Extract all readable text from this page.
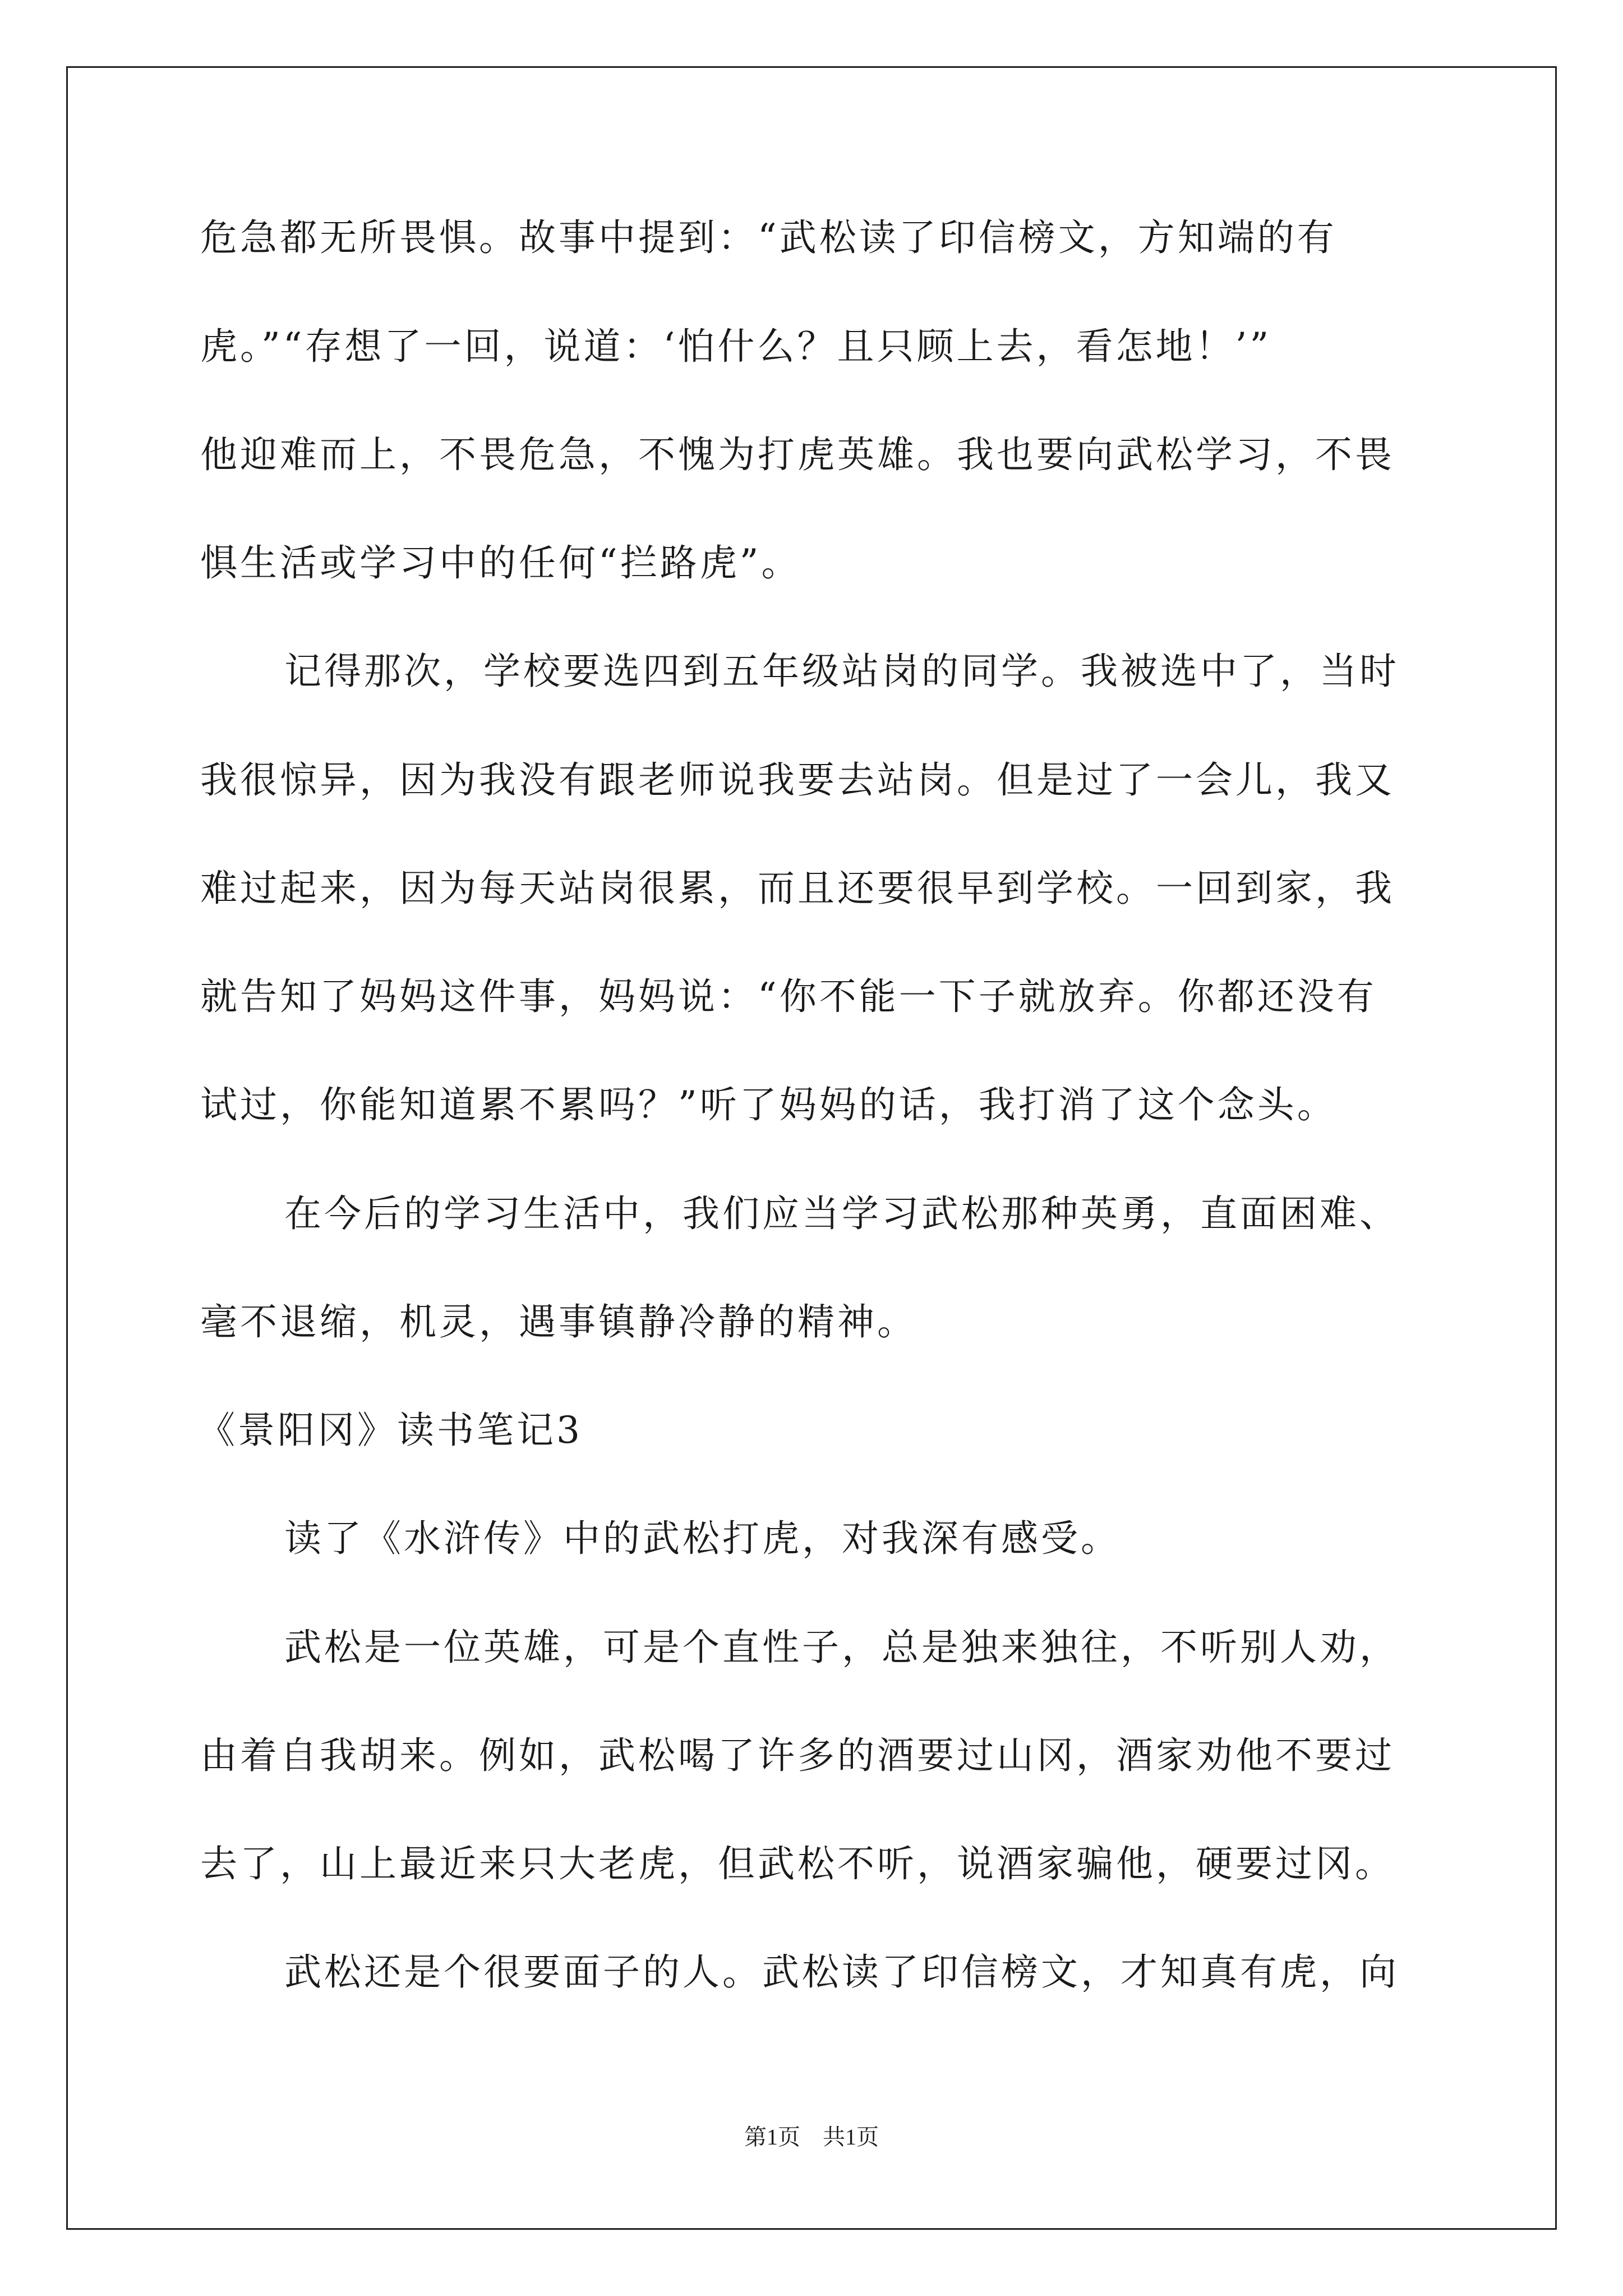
危急都无所畏惧。故事中提到：“武松读了印信榜文，方知端的有

虎。”“存想了一回，说道：‘怕什么？且只顾上去，看怎地！’”

他迎难而上，不畏危急，不愧为打虎英雄。我也要向武松学习，不畏

惧生活或学习中的任何“拦路虎”。

记得那次，学校要选四到五年级站岗的同学。我被选中了，当时

我很惊异，因为我没有跟老师说我要去站岗。但是过了一会儿，我又

难过起来，因为每天站岗很累，而且还要很早到学校。一回到家，我

就告知了妈妈这件事，妈妈说：“你不能一下子就放弃。你都还没有

试过，你能知道累不累吗？”听了妈妈的话，我打消了这个念头。

在今后的学习生活中，我们应当学习武松那种英勇，直面困难、

毫不退缩，机灵，遇事镇静冷静的精神。

《景阳冈》读书笔记3

读了《水浒传》中的武松打虎，对我深有感受。

武松是一位英雄，可是个直性子，总是独来独往，不听别人劝，

由着自我胡来。例如，武松喝了许多的酒要过山冈，酒家劝他不要过

去了，山上最近来只大老虎，但武松不听，说酒家骗他，硬要过冈。

武松还是个很要面子的人。武松读了印信榜文，才知真有虎，向

第1页　共1页
